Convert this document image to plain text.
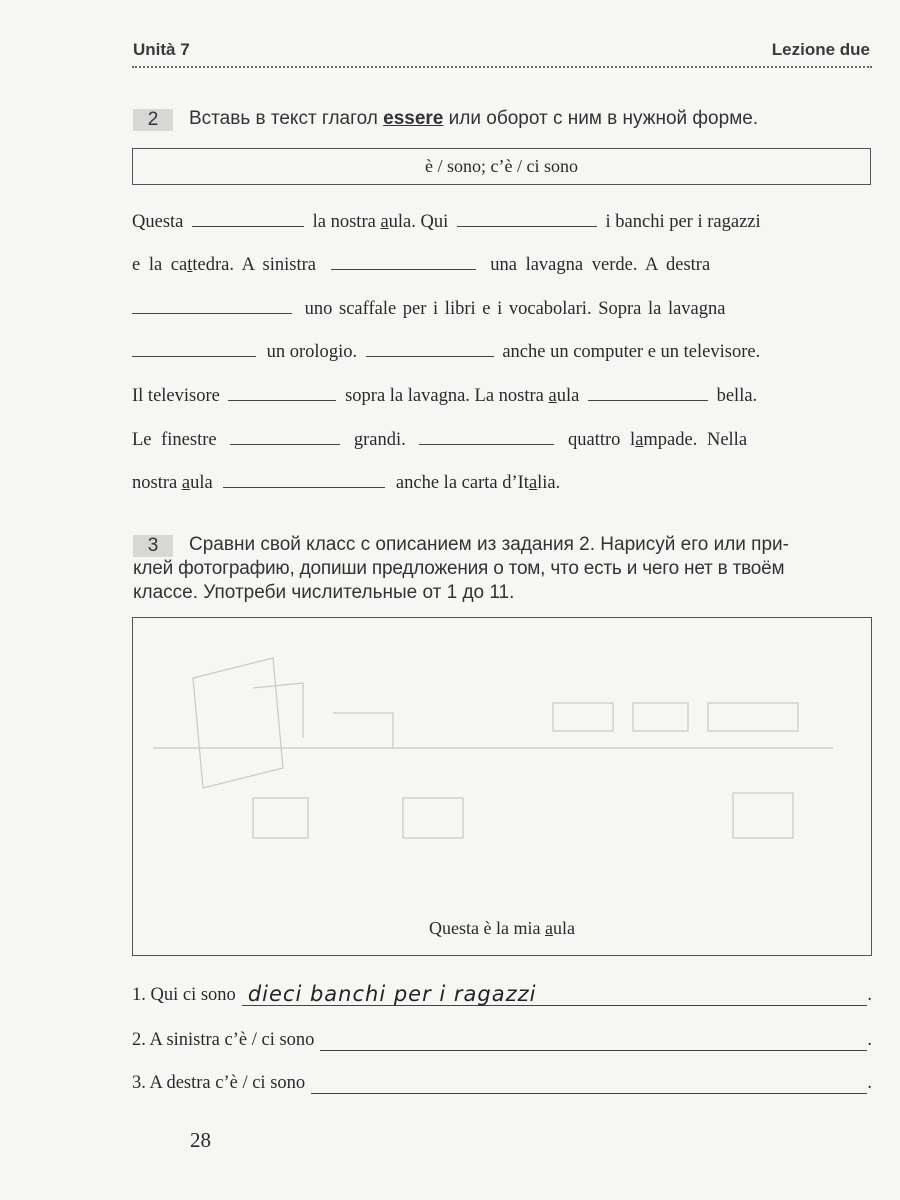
Unità 7	Lezione due
2	Вставь в текст глагол essere или оборот с ним в нужной форме.
è / sono; c’è / ci sono
Questa	la nostra aula. Qui	i banchi per i ragazzi
e la cattedra. A sinistra	una lavagna verde. A destra
uno scaffale per i libri e i vocabolari. Sopra la lavagna
un orologio.	anche un computer e un televisore.
Il televisore	sopra la lavagna. La nostra aula	bella.
Le finestre	grandi.	quattro lampade. Nella
nostra aula	anche la carta d’Italia.
3	Сравни свой класс с описанием из задания 2. Нарисуй его или при-
клей фотографию, допиши предложения о том, что есть и чего нет в твоём
классе. Употреби числительные от 1 до 11.
Questa è la mia aula
1. Qui ci sono dieci banchi per i ragazzi	.
2. A sinistra c’è / ci sono	.
3. A destra c’è / ci sono	.
28
